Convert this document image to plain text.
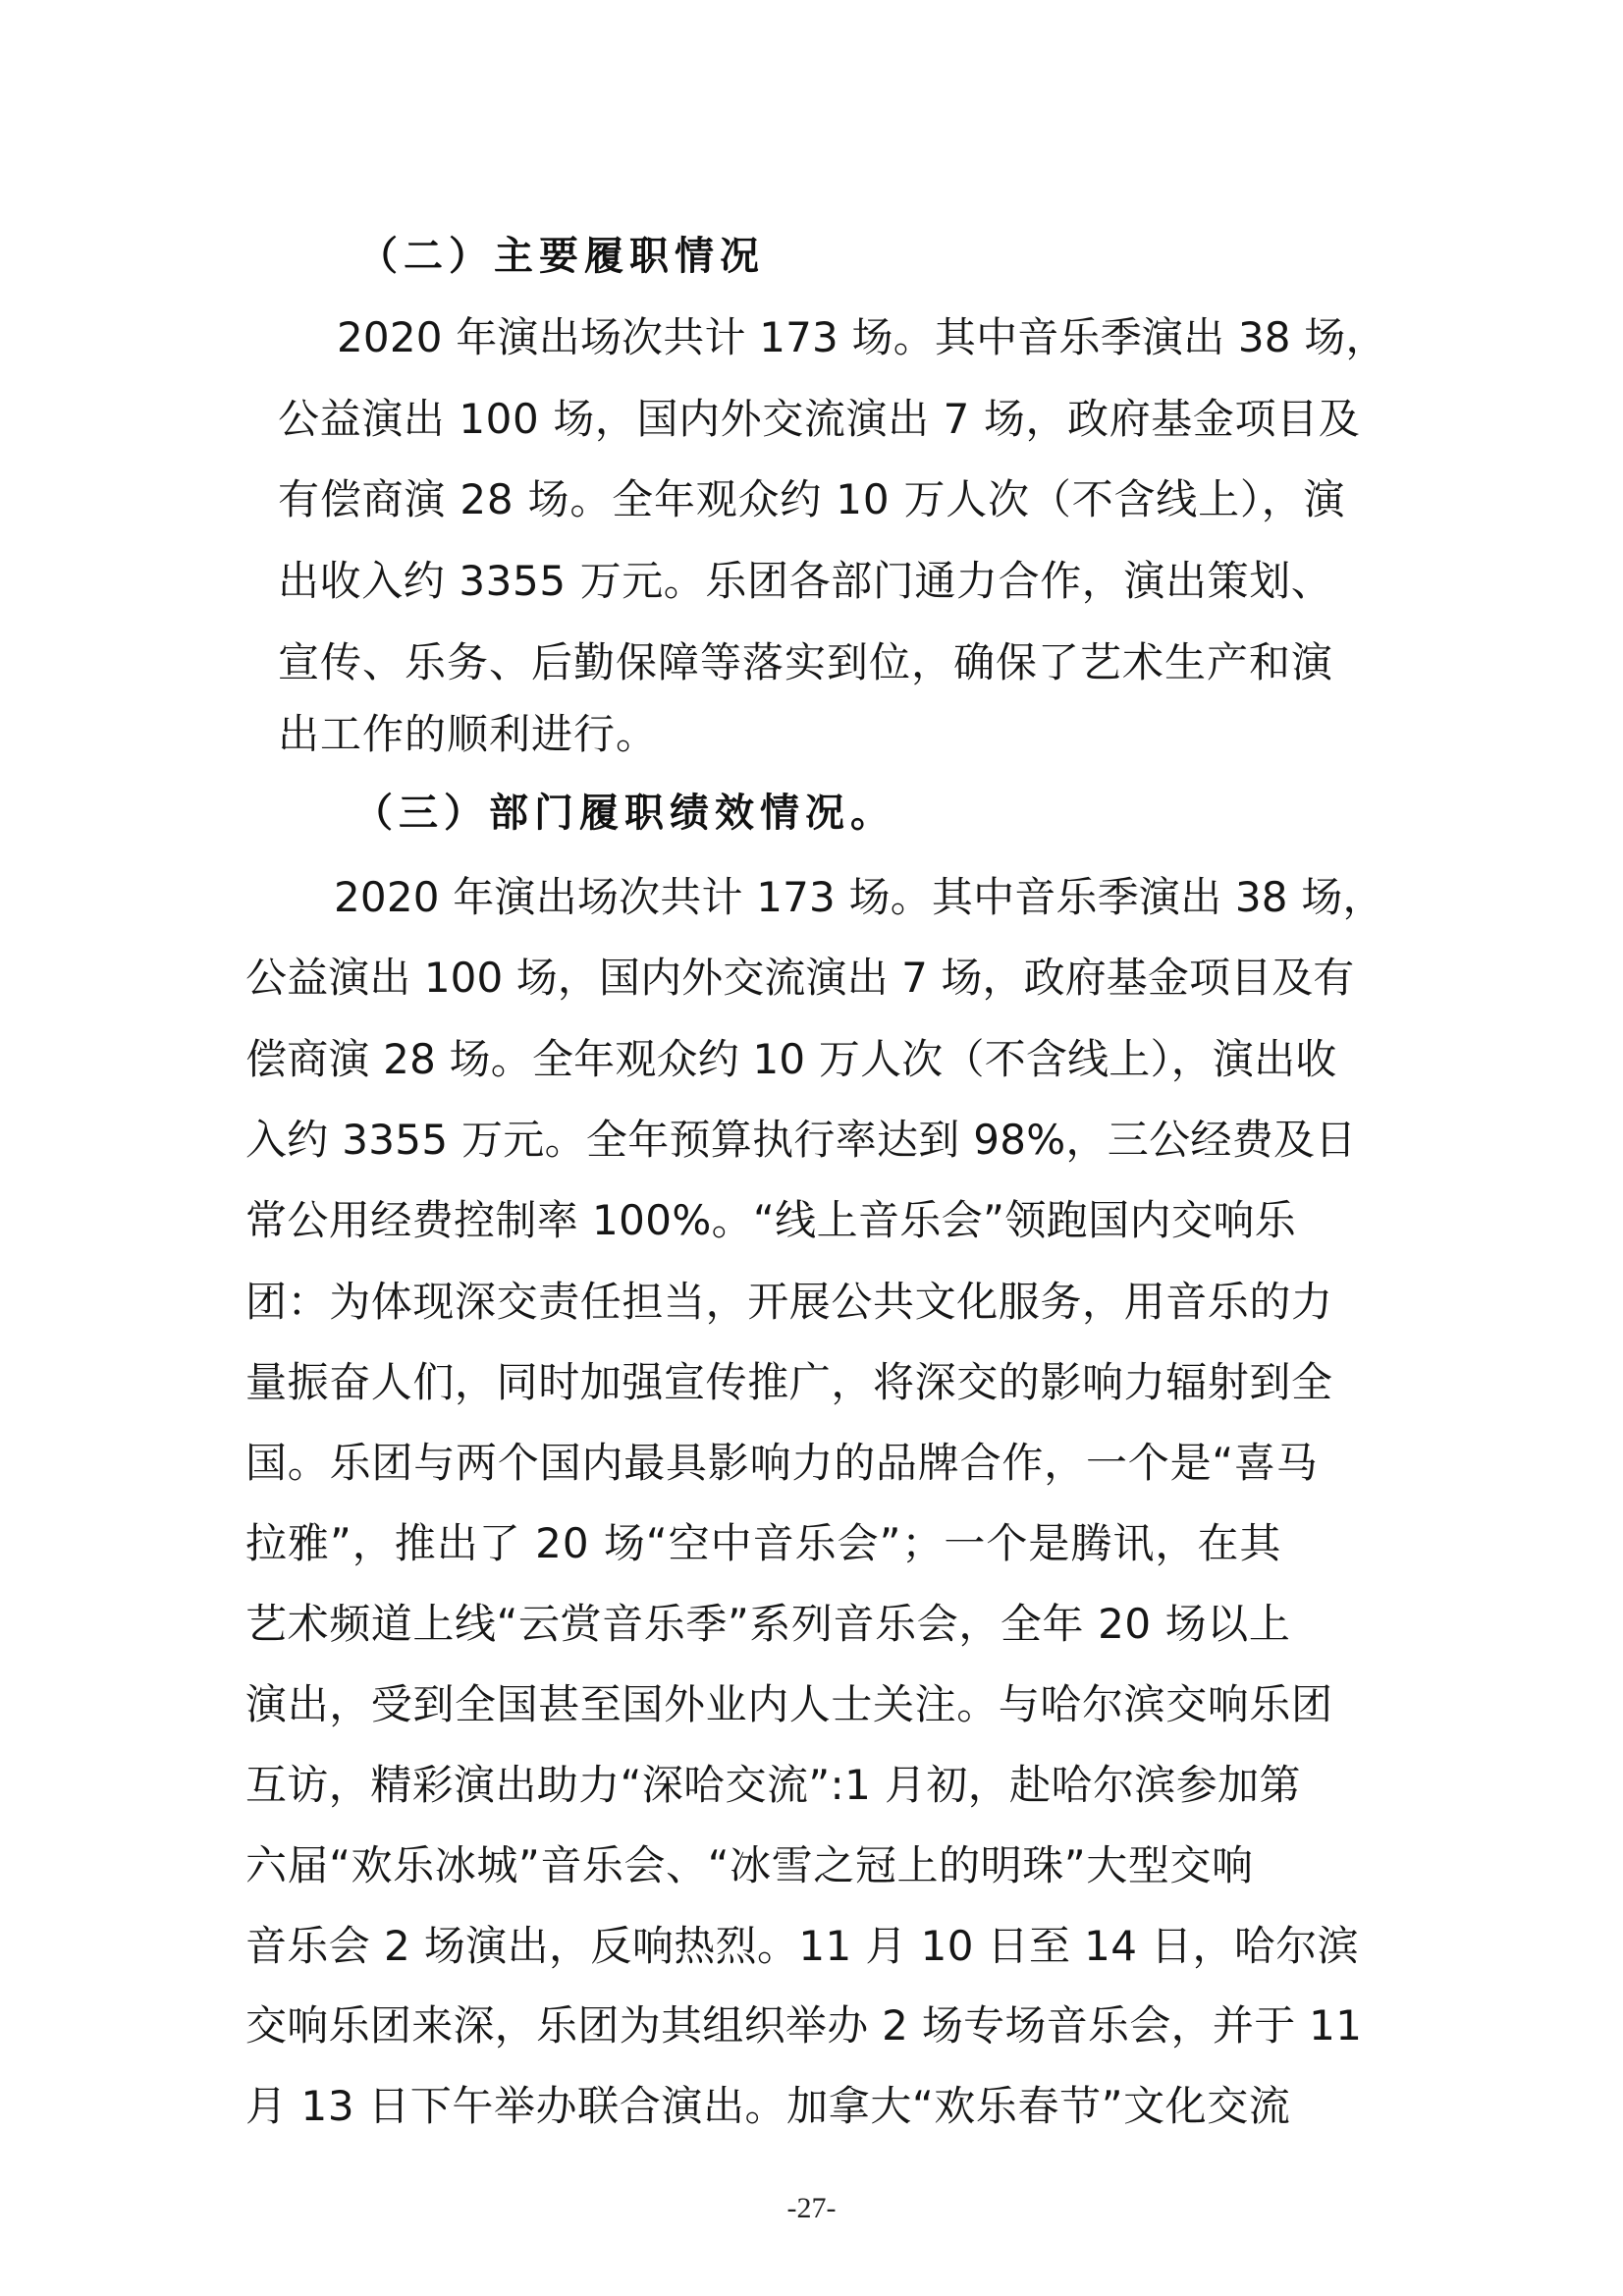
（二）主要履职情况
2020 年演出场次共计 173 场。其中音乐季演出 38 场，
公益演出 100 场，国内外交流演出 7 场，政府基金项目及
有偿商演 28 场。全年观众约 10 万人次（不含线上），演
出收入约 3355 万元。乐团各部门通力合作，演出策划、
宣传、乐务、后勤保障等落实到位，确保了艺术生产和演
出工作的顺利进行。
（三）部门履职绩效情况。
2020 年演出场次共计 173 场。其中音乐季演出 38 场，
公益演出 100 场，国内外交流演出 7 场，政府基金项目及有
偿商演 28 场。全年观众约 10 万人次（不含线上），演出收
入约 3355 万元。全年预算执行率达到 98%，三公经费及日
常公用经费控制率 100%。“线上音乐会”领跑国内交响乐
团：为体现深交责任担当，开展公共文化服务，用音乐的力
量振奋人们，同时加强宣传推广，将深交的影响力辐射到全
国。乐团与两个国内最具影响力的品牌合作，一个是“喜马
拉雅”，推出了 20 场“空中音乐会”；一个是腾讯，在其
艺术频道上线“云赏音乐季”系列音乐会，全年 20 场以上
演出，受到全国甚至国外业内人士关注。与哈尔滨交响乐团
互访，精彩演出助力“深哈交流”:1 月初，赴哈尔滨参加第
六届“欢乐冰城”音乐会、“冰雪之冠上的明珠”大型交响
音乐会 2 场演出，反响热烈。11 月 10 日至 14 日，哈尔滨
交响乐团来深，乐团为其组织举办 2 场专场音乐会，并于 11
月 13 日下午举办联合演出。加拿大“欢乐春节”文化交流
-27-
